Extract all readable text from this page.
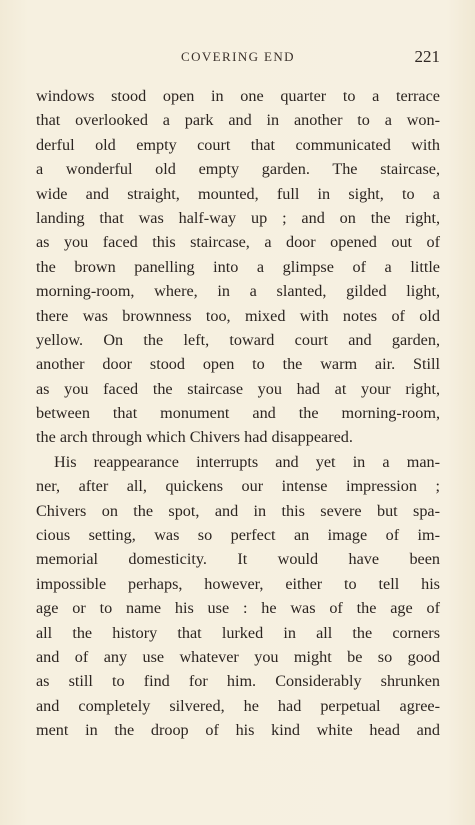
COVERING END	221
windows stood open in one quarter to a terrace
that overlooked a park and in another to a won-
derful old empty court that communicated with
a wonderful old empty garden. The staircase,
wide and straight, mounted, full in sight, to a
landing that was half-way up ; and on the right,
as you faced this staircase, a door opened out of
the brown panelling into a glimpse of a little
morning-room, where, in a slanted, gilded light,
there was brownness too, mixed with notes of old
yellow. On the left, toward court and garden,
another door stood open to the warm air. Still
as you faced the staircase you had at your right,
between that monument and the morning-room,
the arch through which Chivers had disappeared.
His reappearance interrupts and yet in a man-
ner, after all, quickens our intense impression ;
Chivers on the spot, and in this severe but spa-
cious setting, was so perfect an image of im-
memorial domesticity. It would have been
impossible perhaps, however, either to tell his
age or to name his use : he was of the age of
all the history that lurked in all the corners
and of any use whatever you might be so good
as still to find for him. Considerably shrunken
and completely silvered, he had perpetual agree-
ment in the droop of his kind white head and
